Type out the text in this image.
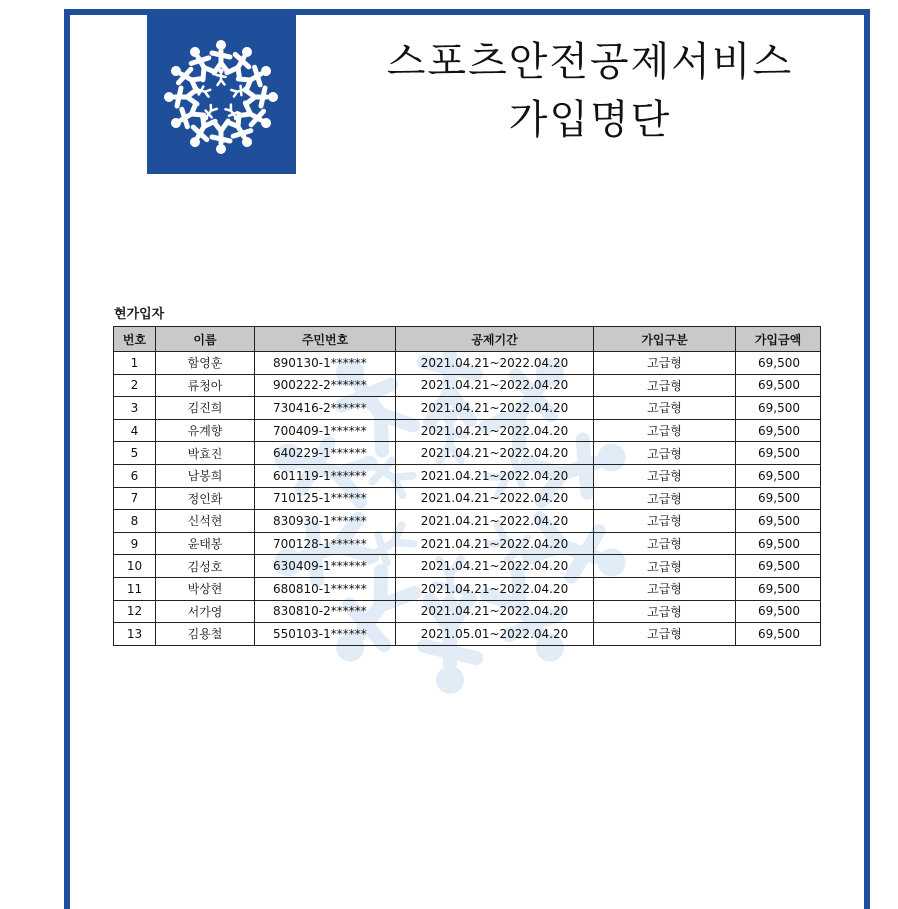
스포츠안전공제서비스
가입명단
현가입자
번호	이름	주민번호	공제기간	가입구분	가입금액
1	함영훈	890130-1******	2021.04.21~2022.04.20	고급형	69,500
2	류청아	900222-2******	2021.04.21~2022.04.20	고급형	69,500
3	김진희	730416-2******	2021.04.21~2022.04.20	고급형	69,500
4	유계향	700409-1******	2021.04.21~2022.04.20	고급형	69,500
5	박효진	640229-1******	2021.04.21~2022.04.20	고급형	69,500
6	남봉희	601119-1******	2021.04.21~2022.04.20	고급형	69,500
7	정인화	710125-1******	2021.04.21~2022.04.20	고급형	69,500
8	신석현	830930-1******	2021.04.21~2022.04.20	고급형	69,500
9	윤태봉	700128-1******	2021.04.21~2022.04.20	고급형	69,500
10	김성호	630409-1******	2021.04.21~2022.04.20	고급형	69,500
11	박상현	680810-1******	2021.04.21~2022.04.20	고급형	69,500
12	서가영	830810-2******	2021.04.21~2022.04.20	고급형	69,500
13	김용철	550103-1******	2021.05.01~2022.04.20	고급형	69,500
